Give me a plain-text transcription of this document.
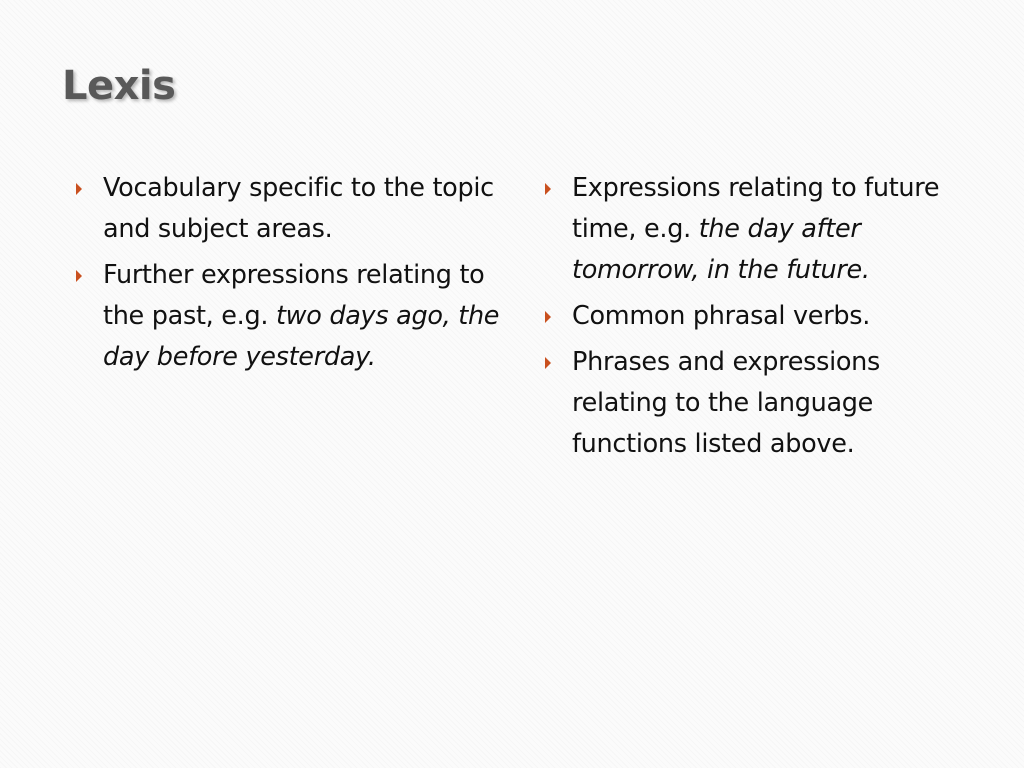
Lexis
Vocabulary specific to the topic and subject areas.
Further expressions relating to the past, e.g. two days ago, the day before yesterday.
Expressions relating to future time, e.g. the day after tomorrow, in the future.
Common phrasal verbs.
Phrases and expressions relating to the language functions listed above.
